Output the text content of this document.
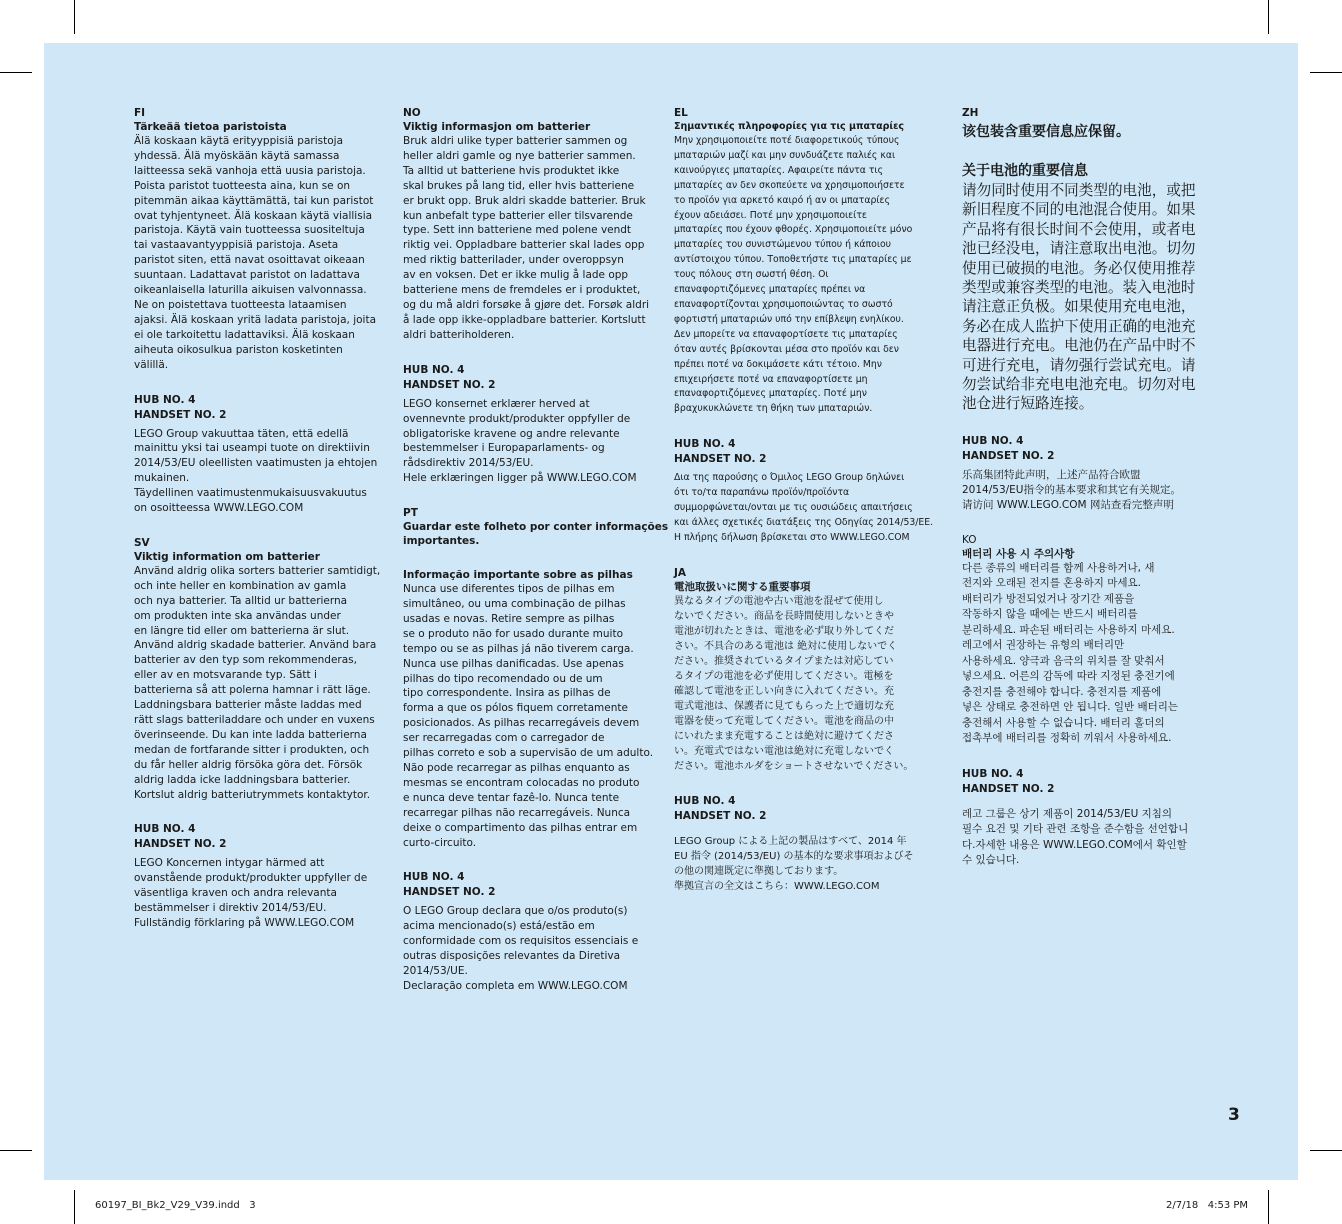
FI

Tärkeää tietoa paristoista

Älä koskaan käytä erityyppisiä paristoja
yhdessä. Älä myöskään käytä samassa
laitteessa sekä vanhoja että uusia paristoja.
Poista paristot tuotteesta aina, kun se on
pitemmän aikaa käyttämättä, tai kun paristot
ovat tyhjentyneet. Älä koskaan käytä viallisia
paristoja. Käytä vain tuotteessa suositeltuja
tai vastaavantyyppisiä paristoja. Aseta
paristot siten, että navat osoittavat oikeaan
suuntaan. Ladattavat paristot on ladattava
oikeanlaisella laturilla aikuisen valvonnassa.
Ne on poistettava tuotteesta lataamisen
ajaksi. Älä koskaan yritä ladata paristoja, joita
ei ole tarkoitettu ladattaviksi. Älä koskaan
aiheuta oikosulkua pariston kosketinten
välillä.

HUB NO. 4

HANDSET NO. 2

LEGO Group vakuuttaa täten, että edellä
mainittu yksi tai useampi tuote on direktiivin
2014/53/EU oleellisten vaatimusten ja ehtojen
mukainen.
Täydellinen vaatimustenmukaisuusvakuutus
on osoitteessa WWW.LEGO.COM

SV

Viktig information om batterier

Använd aldrig olika sorters batterier samtidigt,
och inte heller en kombination av gamla
och nya batterier. Ta alltid ur batterierna
om produkten inte ska användas under
en längre tid eller om batterierna är slut.
Använd aldrig skadade batterier. Använd bara
batterier av den typ som rekommenderas,
eller av en motsvarande typ. Sätt i
batterierna så att polerna hamnar i rätt läge.
Laddningsbara batterier måste laddas med
rätt slags batteriladdare och under en vuxens
överinseende. Du kan inte ladda batterierna
medan de fortfarande sitter i produkten, och
du får heller aldrig försöka göra det. Försök
aldrig ladda icke laddningsbara batterier.
Kortslut aldrig batteriutrymmets kontaktytor.

HUB NO. 4

HANDSET NO. 2

LEGO Koncernen intygar härmed att
ovanstående produkt/produkter uppfyller de
väsentliga kraven och andra relevanta
bestämmelser i direktiv 2014/53/EU.
Fullständig förklaring på WWW.LEGO.COM

NO

Viktig informasjon om batterier

Bruk aldri ulike typer batterier sammen og
heller aldri gamle og nye batterier sammen.
Ta alltid ut batteriene hvis produktet ikke
skal brukes på lang tid, eller hvis batteriene
er brukt opp. Bruk aldri skadde batterier. Bruk
kun anbefalt type batterier eller tilsvarende
type. Sett inn batteriene med polene vendt
riktig vei. Oppladbare batterier skal lades opp
med riktig batterilader, under overoppsyn
av en voksen. Det er ikke mulig å lade opp
batteriene mens de fremdeles er i produktet,
og du må aldri forsøke å gjøre det. Forsøk aldri
å lade opp ikke-oppladbare batterier. Kortslutt
aldri batteriholderen.

HUB NO. 4

HANDSET NO. 2

LEGO konsernet erklærer herved at
ovennevnte produkt/produkter oppfyller de
obligatoriske kravene og andre relevante
bestemmelser i Europaparlaments- og
rådsdirektiv 2014/53/EU.
Hele erklæringen ligger på WWW.LEGO.COM

PT

Guardar este folheto por conter informações
importantes.

Informação importante sobre as pilhas

Nunca use diferentes tipos de pilhas em
simultâneo, ou uma combinação de pilhas
usadas e novas. Retire sempre as pilhas
se o produto não for usado durante muito
tempo ou se as pilhas já não tiverem carga.
Nunca use pilhas danificadas. Use apenas
pilhas do tipo recomendado ou de um
tipo correspondente. Insira as pilhas de
forma a que os pólos fiquem corretamente
posicionados. As pilhas recarregáveis devem
ser recarregadas com o carregador de
pilhas correto e sob a supervisão de um adulto.
Não pode recarregar as pilhas enquanto as
mesmas se encontram colocadas no produto
e nunca deve tentar fazê-lo. Nunca tente
recarregar pilhas não recarregáveis. Nunca
deixe o compartimento das pilhas entrar em
curto-circuito.

HUB NO. 4

HANDSET NO. 2

O LEGO Group declara que o/os produto(s)
acima mencionado(s) está/estão em
conformidade com os requisitos essenciais e
outras disposições relevantes da Diretiva
2014/53/UE.
Declaração completa em WWW.LEGO.COM

EL

Σημαντικές πληροφορίες για τις μπαταρίες

Μην χρησιμοποιείτε ποτέ διαφορετικούς τύπους
μπαταριών μαζί και μην συνδυάζετε παλιές και
καινούργιες μπαταρίες. Αφαιρείτε πάντα τις
μπαταρίες αν δεν σκοπεύετε να χρησιμοποιήσετε
το προϊόν για αρκετό καιρό ή αν οι μπαταρίες
έχουν αδειάσει. Ποτέ μην χρησιμοποιείτε
μπαταρίες που έχουν φθορές. Χρησιμοποιείτε μόνο
μπαταρίες του συνιστώμενου τύπου ή κάποιου
αντίστοιχου τύπου. Τοποθετήστε τις μπαταρίες με
τους πόλους στη σωστή θέση. Οι
επαναφορτιζόμενες μπαταρίες πρέπει να
επαναφορτίζονται χρησιμοποιώντας το σωστό
φορτιστή μπαταριών υπό την επίβλεψη ενηλίκου.
Δεν μπορείτε να επαναφορτίσετε τις μπαταρίες
όταν αυτές βρίσκονται μέσα στο προϊόν και δεν
πρέπει ποτέ να δοκιμάσετε κάτι τέτοιο. Μην
επιχειρήσετε ποτέ να επαναφορτίσετε μη
επαναφορτιζόμενες μπαταρίες. Ποτέ μην
βραχυκυκλώνετε τη θήκη των μπαταριών.

HUB NO. 4

HANDSET NO. 2

Δια της παρούσης ο Όμιλος LEGO Group δηλώνει
ότι το/τα παραπάνω προϊόν/προϊόντα
συμμορφώνεται/ονται με τις ουσιώδεις απαιτήσεις
και άλλες σχετικές διατάξεις της Οδηγίας 2014/53/ΕΕ.
Η πλήρης δήλωση βρίσκεται στο WWW.LEGO.COM

JA

電池取扱いに関する重要事項

異なるタイプの電池や古い電池を混ぜて使用し
ないでください。商品を長時間使用しないときや
電池が切れたときは、電池を必ず取り外してくだ
さい。不具合のある電池は 絶対に使用しないでく
ださい。推奨されているタイプまたは対応してい
るタイプの電池を必ず使用してください。電極を
確認して電池を正しい向きに入れてください。充
電式電池は、保護者に見てもらった上で適切な充
電器を使って充電してください。電池を商品の中
にいれたまま充電することは絶対に避けてくださ
い。充電式ではない電池は絶対に充電しないでく
ださい。電池ホルダをショートさせないでください。

HUB NO. 4

HANDSET NO. 2

LEGO Group による上記の製品はすべて、2014 年
EU 指令 (2014/53/EU) の基本的な要求事項およびそ
の他の関連既定に準拠しております。
準拠宣言の全文はこちら：WWW.LEGO.COM

ZH

该包装含重要信息应保留。

关于电池的重要信息

请勿同时使用不同类型的电池，或把
新旧程度不同的电池混合使用。如果
产品将有很长时间不会使用，或者电
池已经没电，请注意取出电池。切勿
使用已破损的电池。务必仅使用推荐
类型或兼容类型的电池。装入电池时
请注意正负极。如果使用充电电池，
务必在成人监护下使用正确的电池充
电器进行充电。电池仍在产品中时不
可进行充电，请勿强行尝试充电。请
勿尝试给非充电电池充电。切勿对电
池仓进行短路连接。

HUB NO. 4

HANDSET NO. 2

乐高集团特此声明，上述产品符合欧盟
2014/53/EU指令的基本要求和其它有关规定。
请访问 WWW.LEGO.COM 网站查看完整声明

KO

배터리 사용 시 주의사항

다른 종류의 배터리를 함께 사용하거나, 새
전지와 오래된 전지를 혼용하지 마세요.
배터리가 방전되었거나 장기간 제품을
작동하지 않을 때에는 반드시 배터리를
분리하세요. 파손된 배터리는 사용하지 마세요.
레고에서 권장하는 유형의 배터리만
사용하세요. 양극과 음극의 위치를 잘 맞춰서
넣으세요. 어른의 감독에 따라 지정된 충전기에
충전지를 충전해야 합니다. 충전지를 제품에
넣은 상태로 충전하면 안 됩니다. 일반 배터리는
충전해서 사용할 수 없습니다. 배터리 홀더의
접촉부에 배터리를 정확히 끼워서 사용하세요.

HUB NO. 4

HANDSET NO. 2

레고 그룹은 상기 제품이 2014/53/EU 지침의
필수 요건 및 기타 관련 조항을 준수함을 선언합니
다.자세한 내용은 WWW.LEGO.COM에서 확인할
수 있습니다.

3
60197_BI_Bk2_V29_V39.indd   3	2/7/18   4:53 PM
